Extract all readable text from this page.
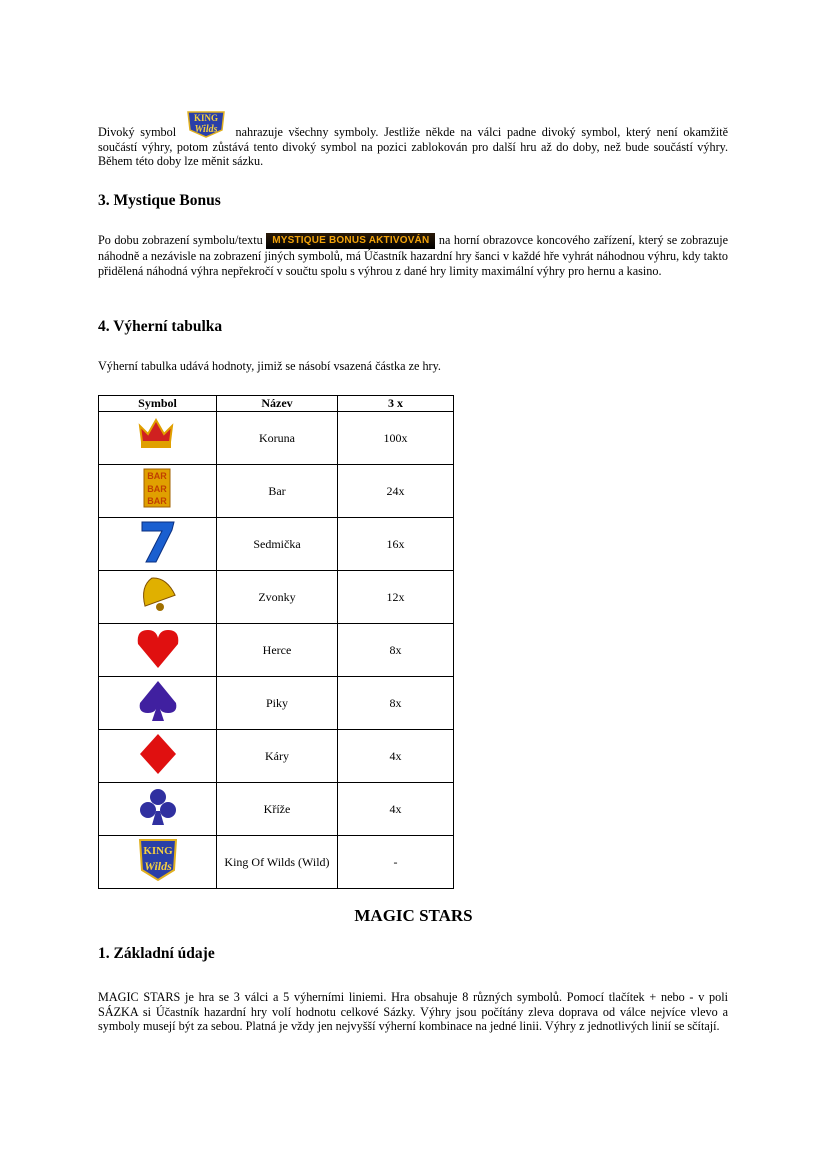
Divoký symbol
KING
Wilds nahrazuje všechny symboly. Jestliže někde na válci padne divoký symbol, který není okamžitě součástí výhry, potom zůstává tento divoký symbol na pozici zablokován pro další hru až do doby, než bude součástí výhry. Během této doby lze měnit sázku.
3. Mystique Bonus
Po dobu zobrazení symbolu/textu MYSTIQUE BONUS AKTIVOVÁN na horní obrazovce koncového zařízení, který se zobrazuje náhodně a nezávisle na zobrazení jiných symbolů, má Účastník hazardní hry šanci v každé hře vyhrát náhodnou výhru, kdy takto přidělená náhodná výhra nepřekročí v součtu spolu s výhrou z dané hry limity maximální výhry pro hernu a kasino.
4. Výherní tabulka
Výherní tabulka udává hodnoty, jimiž se násobí vsazená částka ze hry.
Symbol	Název	3 x
	Koruna	100x

BAR
BAR
BAR	Bar	24x
	Sedmička	16x
	Zvonky	12x
	Herce	8x
	Piky	8x
	Káry	4x
	Kříže	4x

KING
Wilds	King Of Wilds (Wild)	-
MAGIC STARS
1. Základní údaje
MAGIC STARS je hra se 3 válci a 5 výherními liniemi. Hra obsahuje 8 různých symbolů. Pomocí tlačítek + nebo - v poli SÁZKA si Účastník hazardní hry volí hodnotu celkové Sázky. Výhry jsou počítány zleva doprava od válce nejvíce vlevo a symboly musejí být za sebou. Platná je vždy jen nejvyšší výherní kombinace na jedné linii. Výhry z jednotlivých linií se sčítají.
